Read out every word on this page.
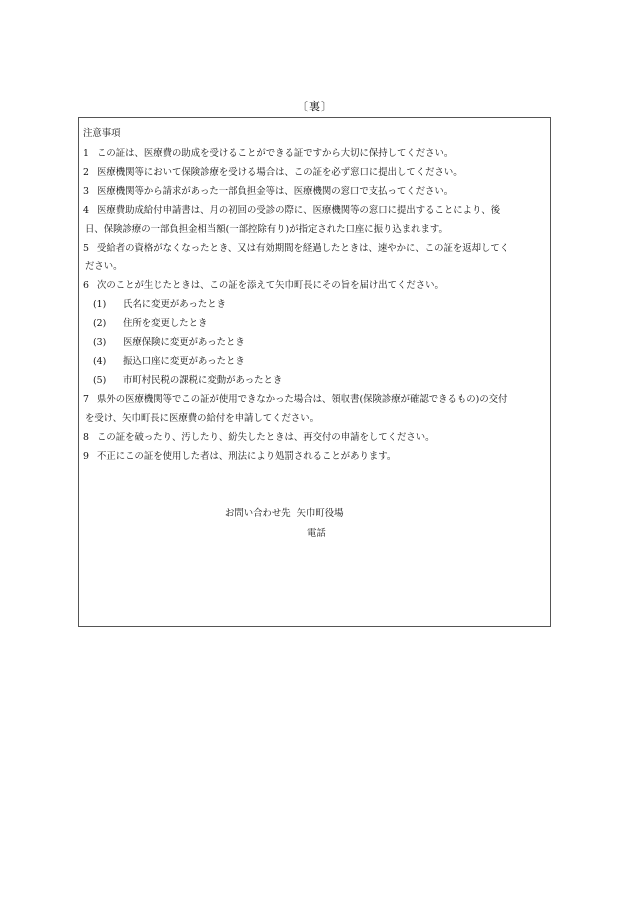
〔裏〕
注意事項
1 この証は、医療費の助成を受けることができる証ですから大切に保持してください。
2 医療機関等において保険診療を受ける場合は、この証を必ず窓口に提出してください。
3 医療機関等から請求があった一部負担金等は、医療機関の窓口で支払ってください。
4 医療費助成給付申請書は、月の初回の受診の際に、医療機関等の窓口に提出することにより、後
日、保険診療の一部負担金相当額(一部控除有り)が指定された口座に振り込まれます。
5 受給者の資格がなくなったとき、又は有効期間を経過したときは、速やかに、この証を返却してく
ださい。
6 次のことが生じたときは、この証を添えて矢巾町長にその旨を届け出てください。
(1)	氏名に変更があったとき
(2)	住所を変更したとき
(3)	医療保険に変更があったとき
(4)	振込口座に変更があったとき
(5)	市町村民税の課税に変動があったとき
7 県外の医療機関等でこの証が使用できなかった場合は、領収書(保険診療が確認できるもの)の交付
を受け、矢巾町長に医療費の給付を申請してください。
8 この証を破ったり、汚したり、紛失したときは、再交付の申請をしてください。
9 不正にこの証を使用した者は、刑法により処罰されることがあります。
お問い合わせ先 矢巾町役場
電話
